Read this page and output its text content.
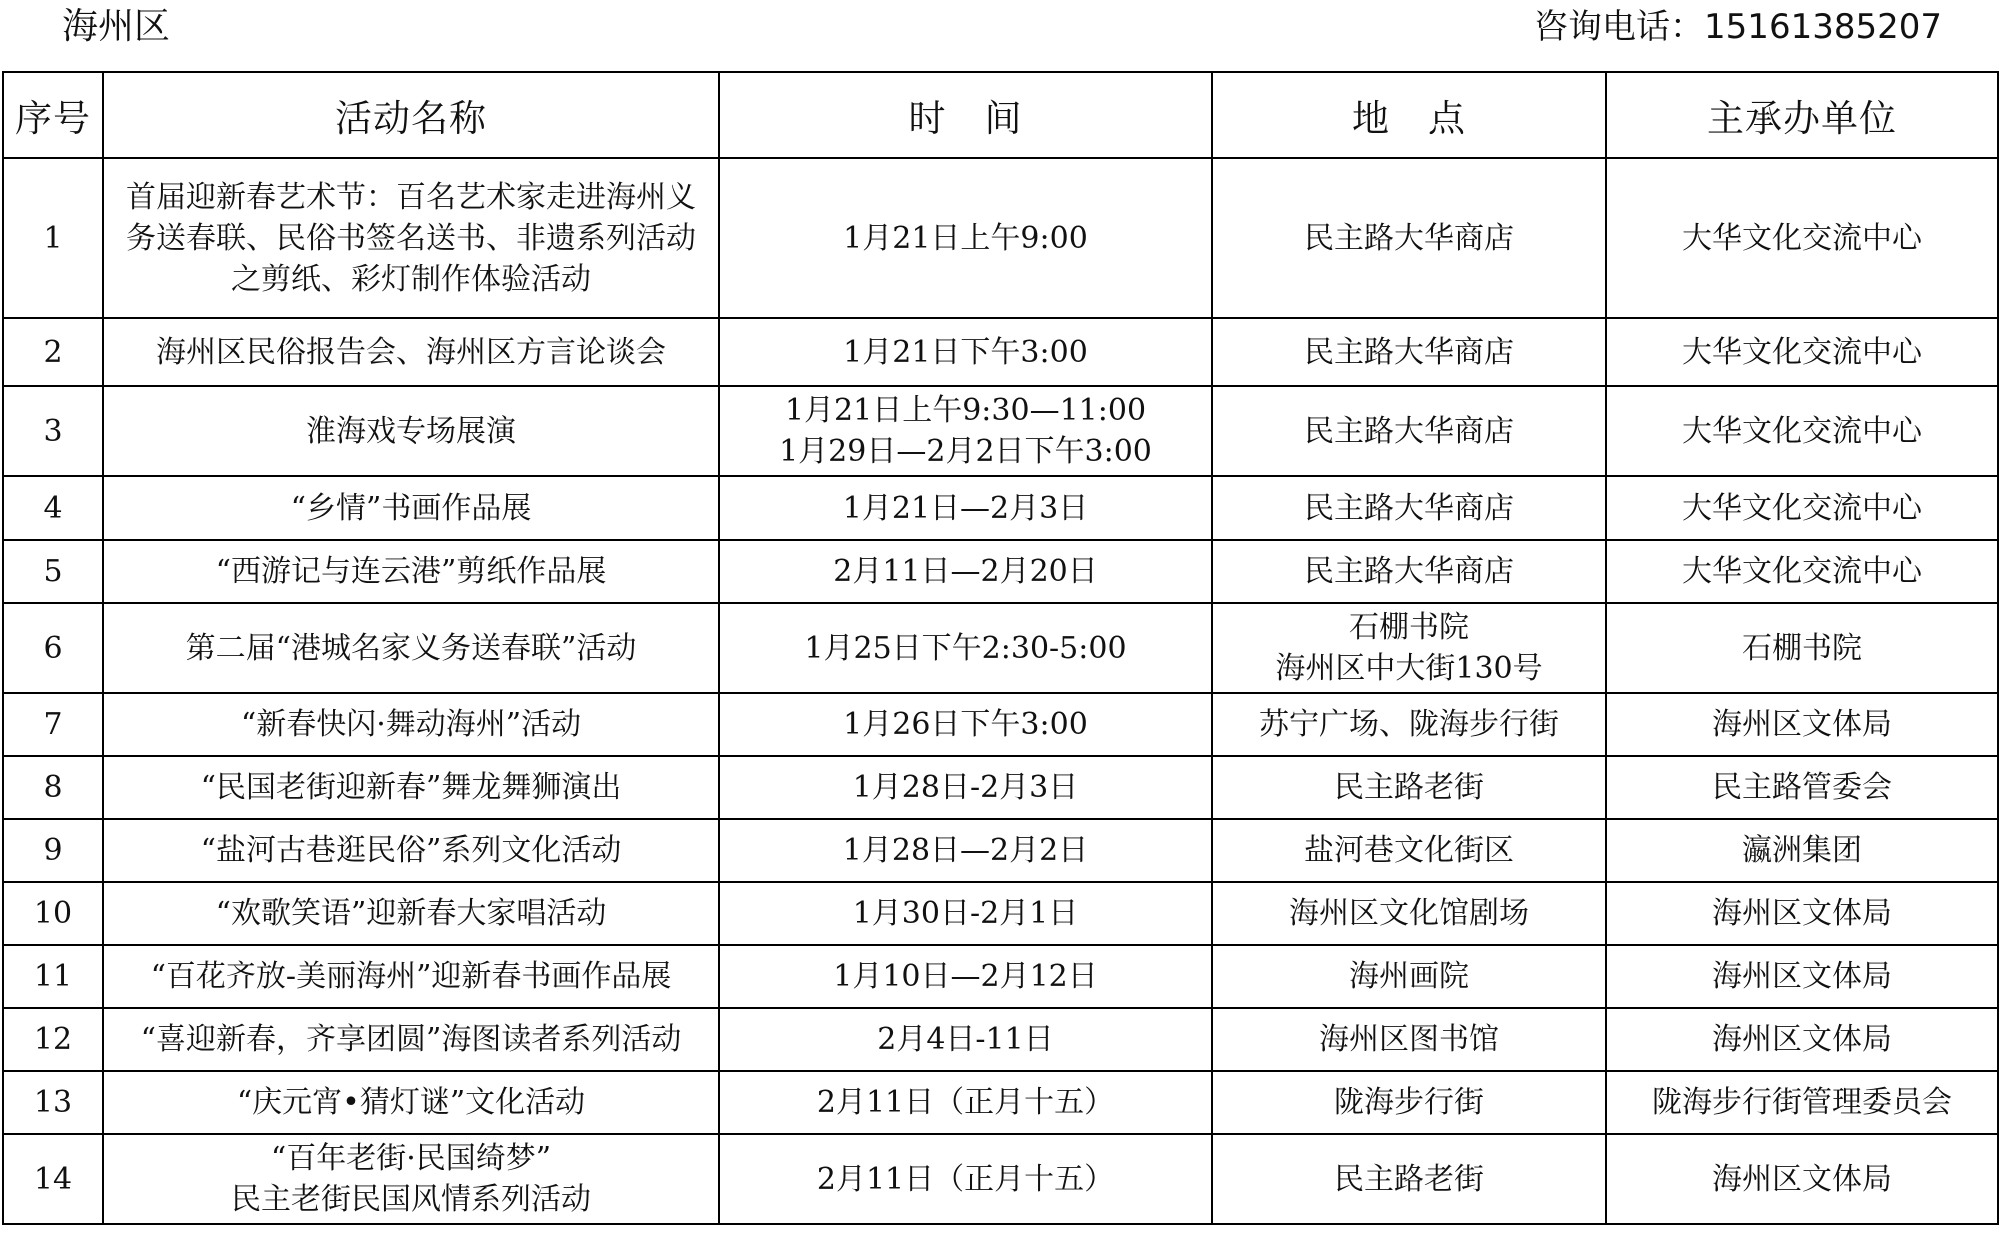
海州区	咨询电话：15161385207
序号	活动名称	时　间	地　点	主承办单位
1	首届迎新春艺术节：百名艺术家走进海州义
务送春联、民俗书签名送书、非遗系列活动
之剪纸、彩灯制作体验活动	1月21日上午9:00	民主路大华商店	大华文化交流中心
2	海州区民俗报告会、海州区方言论谈会	1月21日下午3:00	民主路大华商店	大华文化交流中心
3	淮海戏专场展演	1月21日上午9:30—11:00
1月29日—2月2日下午3:00	民主路大华商店	大华文化交流中心
4	“乡情”书画作品展	1月21日—2月3日	民主路大华商店	大华文化交流中心
5	“西游记与连云港”剪纸作品展	2月11日—2月20日	民主路大华商店	大华文化交流中心
6	第二届“港城名家义务送春联”活动	1月25日下午2:30-5:00	石棚书院
海州区中大街130号	石棚书院
7	“新春快闪·舞动海州”活动	1月26日下午3:00	苏宁广场、陇海步行街	海州区文体局
8	“民国老街迎新春”舞龙舞狮演出	1月28日-2月3日	民主路老街	民主路管委会
9	“盐河古巷逛民俗”系列文化活动	1月28日—2月2日	盐河巷文化街区	瀛洲集团
10	“欢歌笑语”迎新春大家唱活动	1月30日-2月1日	海州区文化馆剧场	海州区文体局
11	“百花齐放-美丽海州”迎新春书画作品展	1月10日—2月12日	海州画院	海州区文体局
12	“喜迎新春，齐享团圆”海图读者系列活动	2月4日-11日	海州区图书馆	海州区文体局
13	“庆元宵•猜灯谜”文化活动	2月11日（正月十五）	陇海步行街	陇海步行街管理委员会
14	“百年老街·民国绮梦”
民主老街民国风情系列活动	2月11日（正月十五）	民主路老街	海州区文体局
